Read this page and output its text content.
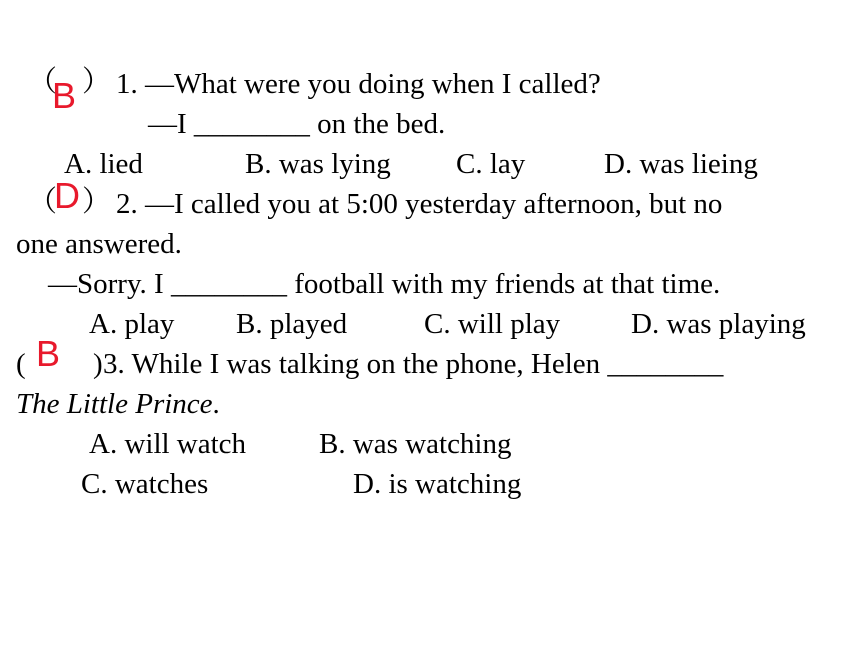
（
B ） 1. —What were you doing when I called?
—I ________ on the bed.
A. lied	B. was lying C. lay	D. was lieing
（
D ） 2. —I called you at 5:00 yesterday afternoon, but no
one answered.
—Sorry. I ________ football with my friends at that time.
A. play B. played	C. will play D. was playing
( B ) 3. While I was talking on the phone, Helen ________
The Little Prince.
A. will watch	B. was watching
C. watches	D. is watching
